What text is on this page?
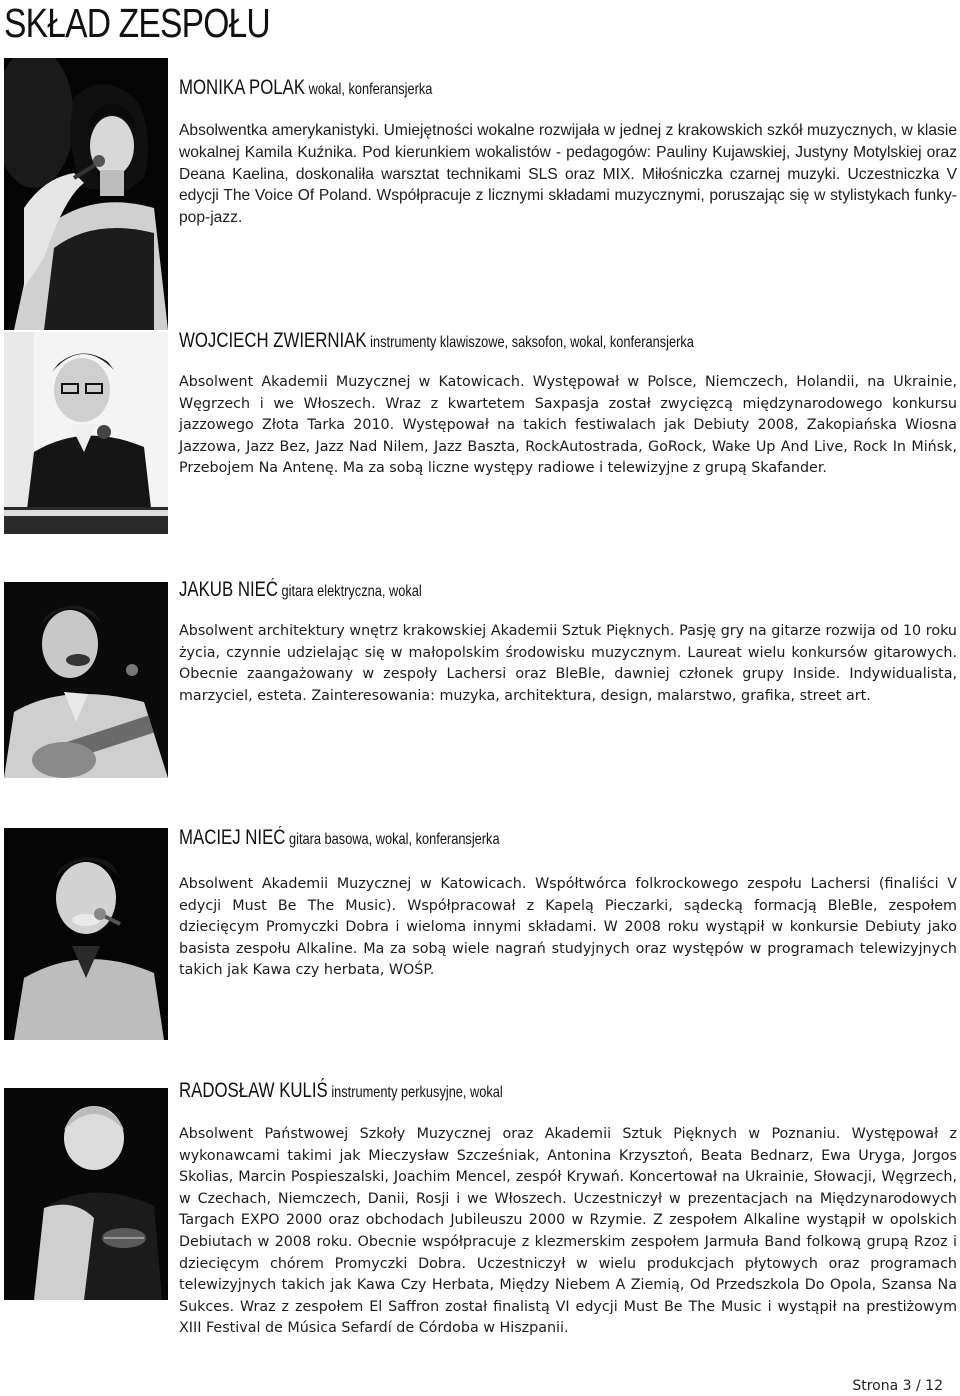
SKŁAD ZESPOŁU
MONIKA POLAK wokal, konferansjerka

Absolwentka amerykanistyki. Umiejętności wokalne rozwijała w jednej z krakowskich szkół muzycznych, w klasie wokalnej Kamila Kuźnika. Pod kierunkiem wokalistów - pedagogów: Pauliny Kujawskiej, Justyny Motylskiej oraz Deana Kaelina, doskonaliła warsztat technikami SLS oraz MIX. Miłośniczka czarnej muzyki. Uczestniczka V edycji The Voice Of Poland. Współpracuje z licznymi składami muzycznymi, poruszając się w stylistykach funky-pop-jazz.

WOJCIECH ZWIERNIAK instrumenty klawiszowe, saksofon, wokal, konferansjerka

Absolwent Akademii Muzycznej w Katowicach. Występował w Polsce, Niemczech, Holandii, na Ukrainie, Węgrzech i we Włoszech. Wraz z kwartetem Saxpasja został zwycięzcą międzynarodowego konkursu jazzowego Złota Tarka 2010. Występował na takich festiwalach jak Debiuty 2008, Zakopiańska Wiosna Jazzowa, Jazz Bez, Jazz Nad Nilem, Jazz Baszta, RockAutostrada, GoRock, Wake Up And Live, Rock In Mińsk, Przebojem Na Antenę. Ma za sobą liczne występy radiowe i telewizyjne z grupą Skafander.

JAKUB NIEĆ gitara elektryczna, wokal

Absolwent architektury wnętrz krakowskiej Akademii Sztuk Pięknych. Pasję gry na gitarze rozwija od 10 roku życia, czynnie udzielając się w małopolskim środowisku muzycznym. Laureat wielu konkursów gitarowych. Obecnie zaangażowany w zespoły Lachersi oraz BleBle, dawniej członek grupy Inside. Indywidualista, marzyciel, esteta. Zainteresowania: muzyka, architektura, design, malarstwo, grafika, street art.

MACIEJ NIEĆ gitara basowa, wokal, konferansjerka

Absolwent Akademii Muzycznej w Katowicach. Współtwórca folkrockowego zespołu Lachersi (finaliści V edycji Must Be The Music). Współpracował z Kapelą Pieczarki, sądecką formacją BleBle, zespołem dziecięcym Promyczki Dobra i wieloma innymi składami. W 2008 roku wystąpił w konkursie Debiuty jako basista zespołu Alkaline. Ma za sobą wiele nagrań studyjnych oraz występów w programach telewizyjnych takich jak Kawa czy herbata, WOŚP.

RADOSŁAW KULIŚ instrumenty perkusyjne, wokal

Absolwent Państwowej Szkoły Muzycznej oraz Akademii Sztuk Pięknych w Poznaniu. Występował z wykonawcami takimi jak Mieczysław Szcześniak, Antonina Krzysztoń, Beata Bednarz, Ewa Uryga, Jorgos Skolias, Marcin Pospieszalski, Joachim Mencel, zespół Krywań. Koncertował na Ukrainie, Słowacji, Węgrzech, w Czechach, Niemczech, Danii, Rosji i we Włoszech. Uczestniczył w prezentacjach na Międzynarodowych Targach EXPO 2000 oraz obchodach Jubileuszu 2000 w Rzymie. Z zespołem Alkaline wystąpił w opolskich Debiutach w 2008 roku. Obecnie współpracuje z klezmerskim zespołem Jarmuła Band folkową grupą Rzoz i dziecięcym chórem Promyczki Dobra. Uczestniczył w wielu produkcjach płytowych oraz programach telewizyjnych takich jak Kawa Czy Herbata, Między Niebem A Ziemią, Od Przedszkola Do Opola, Szansa Na Sukces. Wraz z zespołem El Saffron został finalistą VI edycji Must Be The Music i wystąpił na prestiżowym XIII Festival de Música Sefardí de Córdoba w Hiszpanii.

Strona 3 / 12
